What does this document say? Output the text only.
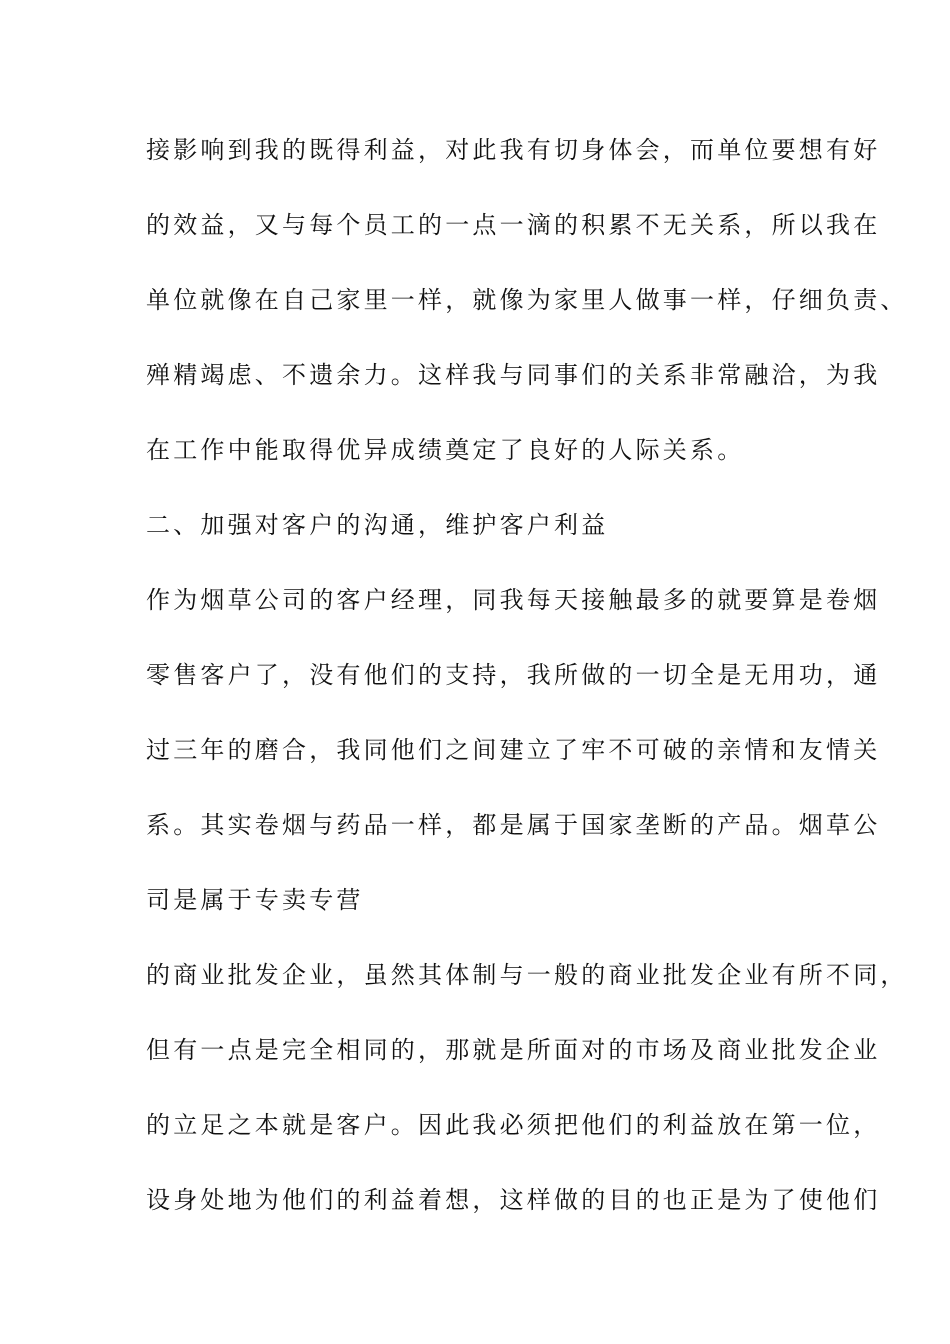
接影响到我的既得利益，对此我有切身体会，而单位要想有好

的效益，又与每个员工的一点一滴的积累不无关系，所以我在

单位就像在自己家里一样，就像为家里人做事一样，仔细负责、

殚精竭虑、不遗余力。这样我与同事们的关系非常融洽，为我

在工作中能取得优异成绩奠定了良好的人际关系。

二、加强对客户的沟通，维护客户利益

作为烟草公司的客户经理，同我每天接触最多的就要算是卷烟

零售客户了，没有他们的支持，我所做的一切全是无用功，通

过三年的磨合，我同他们之间建立了牢不可破的亲情和友情关

系。其实卷烟与药品一样，都是属于国家垄断的产品。烟草公

司是属于专卖专营

的商业批发企业，虽然其体制与一般的商业批发企业有所不同，

但有一点是完全相同的，那就是所面对的市场及商业批发企业

的立足之本就是客户。因此我必须把他们的利益放在第一位，

设身处地为他们的利益着想，这样做的目的也正是为了使他们
